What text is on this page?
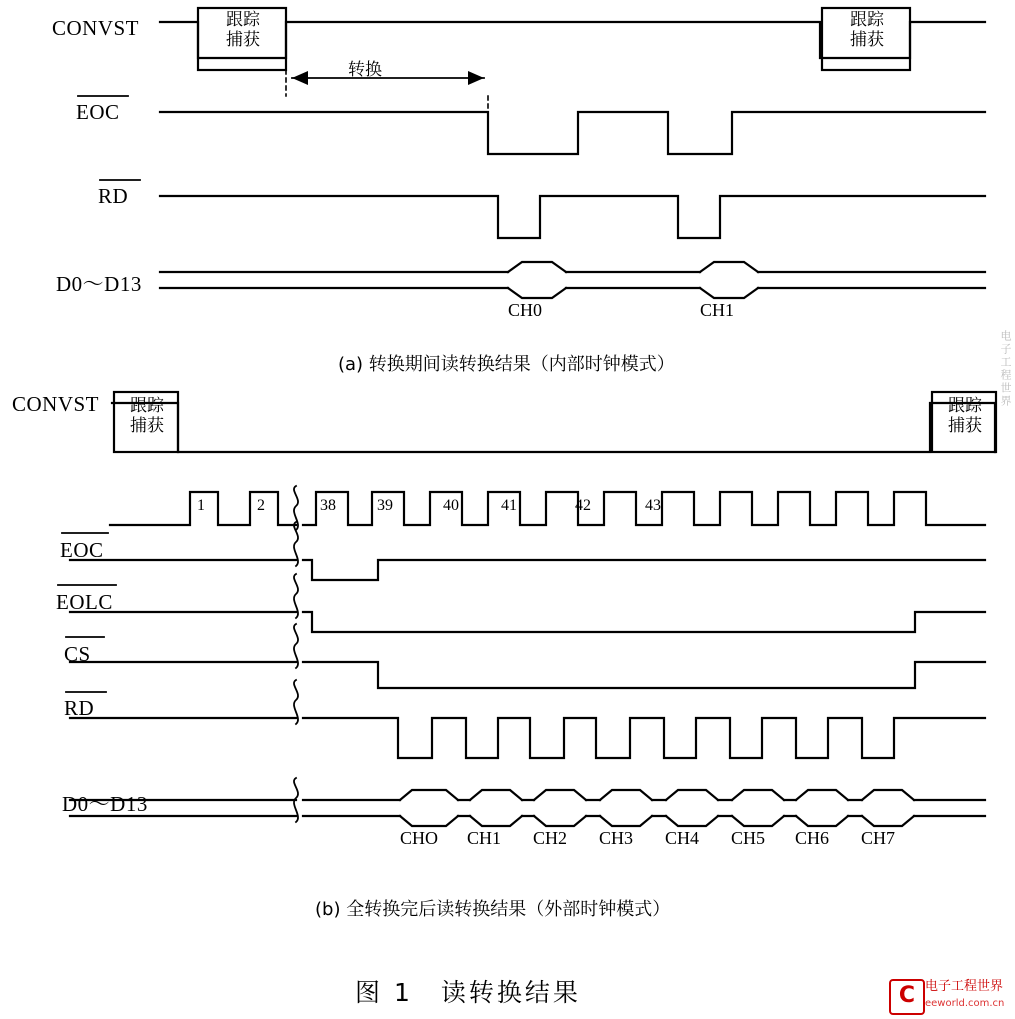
CONVST	跟踪
捕获
跟踪
捕获
转换
EOC
RD
D0～D13
CH0	CH1
(a) 转换期间读转换结果（内部时钟模式）
CONVST	跟踪
捕获
跟踪
捕获
1	2	38	39	40	41	42	43
EOC
EOLC
CS
RD
D0～D13
CHO CH1 CH2 CH3 CH4 CH5 CH6 CH7
(b) 全转换完后读转换结果（外部时钟模式）
图 1　读转换结果
电子工程世界
C 电子工程世界
eeworld.com.cn
